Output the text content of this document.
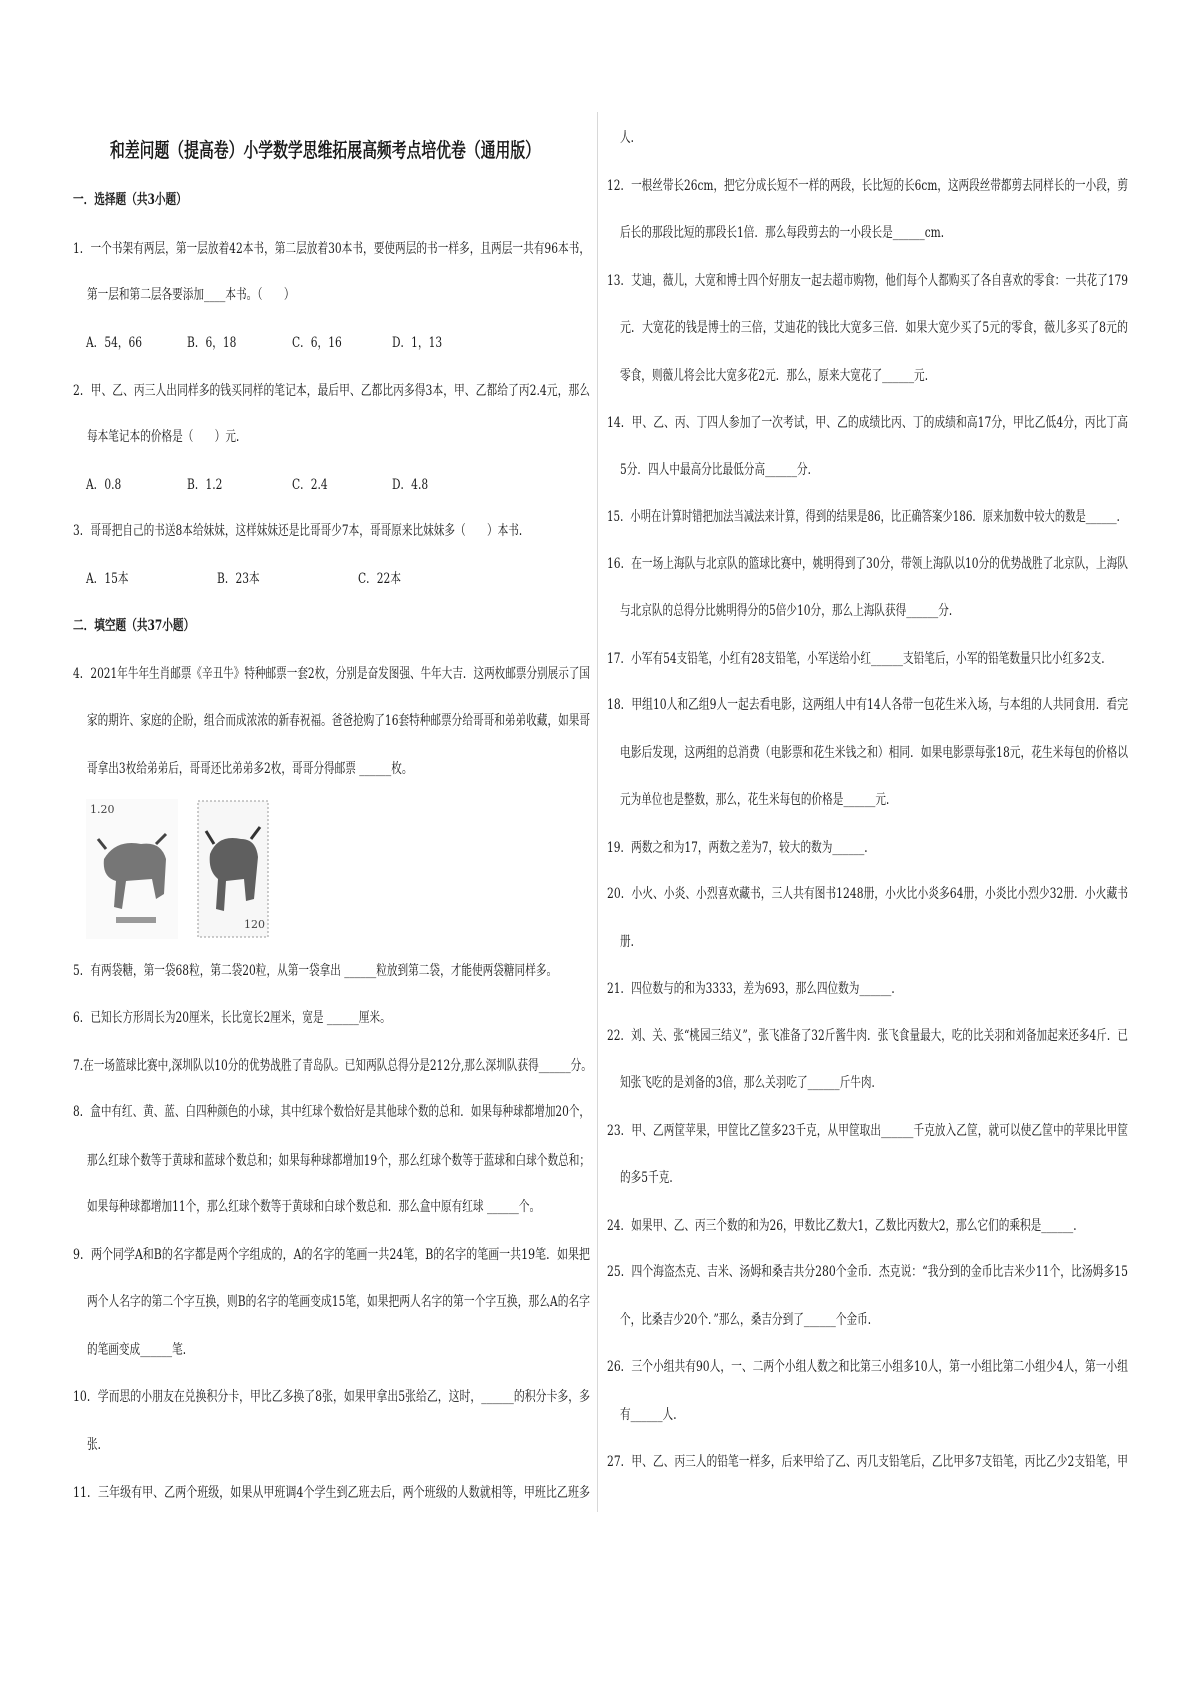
和差问题（提高卷）小学数学思维拓展高频考点培优卷（通用版）
1.20
120
一．选择题（共3小题）
1．一个书架有两层，第一层放着42本书，第二层放着30本书，要使两层的书一样多，且两层一共有96本书，
第一层和第二层各要添加____本书。（　　）
A．54，66	B．6，18	C．6，16	D．1，13
2．甲、乙、丙三人出同样多的钱买同样的笔记本，最后甲、乙都比丙多得3本，甲、乙都给了丙2.4元，那么
每本笔记本的价格是（　　）元．
A．0.8	B．1.2	C．2.4	D．4.8
3．哥哥把自己的书送8本给妹妹，这样妹妹还是比哥哥少7本，哥哥原来比妹妹多（　　）本书．
A．15本	B．23本	C．22本
二．填空题（共37小题）
4．2021年牛年生肖邮票《辛丑牛》特种邮票一套2枚，分别是奋发图强、牛年大吉．这两枚邮票分别展示了国
家的期许、家庭的企盼，组合而成浓浓的新春祝福。爸爸抢购了16套特种邮票分给哥哥和弟弟收藏，如果哥
哥拿出3枚给弟弟后，哥哥还比弟弟多2枚，哥哥分得邮票 ______枚。
5．有两袋糖，第一袋68粒，第二袋20粒，从第一袋拿出 ______粒放到第二袋，才能使两袋糖同样多。
6．已知长方形周长为20厘米，长比宽长2厘米，宽是 ______厘米。
7.在一场篮球比赛中,深圳队以10分的优势战胜了青岛队。已知两队总得分是212分,那么深圳队获得______分。
8．盒中有红、黄、蓝、白四种颜色的小球，其中红球个数恰好是其他球个数的总和．如果每种球都增加20个，
那么红球个数等于黄球和蓝球个数总和；如果每种球都增加19个，那么红球个数等于蓝球和白球个数总和；
如果每种球都增加11个，那么红球个数等于黄球和白球个数总和．那么盒中原有红球 ______个。
9．两个同学A和B的名字都是两个字组成的，A的名字的笔画一共24笔，B的名字的笔画一共19笔．如果把
两个人名字的第二个字互换，则B的名字的笔画变成15笔，如果把两人名字的第一个字互换，那么A的名字
的笔画变成______笔．
10．学而思的小朋友在兑换积分卡，甲比乙多换了8张，如果甲拿出5张给乙，这时，______的积分卡多，多
张．
11．三年级有甲、乙两个班级，如果从甲班调4个学生到乙班去后，两个班级的人数就相等，甲班比乙班多
人．
12．一根丝带长26cm，把它分成长短不一样的两段，长比短的长6cm，这两段丝带都剪去同样长的一小段，剪
后长的那段比短的那段长1倍．那么每段剪去的一小段长是______cm．
13．艾迪，薇儿，大宽和博士四个好朋友一起去超市购物，他们每个人都购买了各自喜欢的零食：一共花了179
元．大宽花的钱是博士的三倍，艾迪花的钱比大宽多三倍．如果大宽少买了5元的零食，薇儿多买了8元的
零食，则薇儿将会比大宽多花2元．那么，原来大宽花了______元．
14．甲、乙、丙、丁四人参加了一次考试，甲、乙的成绩比丙、丁的成绩和高17分，甲比乙低4分，丙比丁高
5分．四人中最高分比最低分高______分．
15．小明在计算时错把加法当减法来计算，得到的结果是86，比正确答案少186．原来加数中较大的数是______．
16．在一场上海队与北京队的篮球比赛中，姚明得到了30分，带领上海队以10分的优势战胜了北京队，上海队
与北京队的总得分比姚明得分的5倍少10分，那么上海队获得______分．
17．小军有54支铅笔，小红有28支铅笔，小军送给小红______支铅笔后，小军的铅笔数量只比小红多2支．
18．甲组10人和乙组9人一起去看电影，这两组人中有14人各带一包花生米入场，与本组的人共同食用．看完
电影后发现，这两组的总消费（电影票和花生米钱之和）相同．如果电影票每张18元，花生米每包的价格以
元为单位也是整数，那么，花生米每包的价格是______元．
19．两数之和为17，两数之差为7，较大的数为______．
20．小火、小炎、小烈喜欢藏书，三人共有图书1248册，小火比小炎多64册，小炎比小烈少32册．小火藏书
册．
21．四位数与的和为3333，差为693，那么四位数为______．
22．刘、关、张“桃园三结义”，张飞准备了32斤酱牛肉．张飞食量最大，吃的比关羽和刘备加起来还多4斤．已
知张飞吃的是刘备的3倍，那么关羽吃了______斤牛肉．
23．甲、乙两筐苹果，甲筐比乙筐多23千克，从甲筐取出______千克放入乙筐，就可以使乙筐中的苹果比甲筐
的多5千克．
24．如果甲、乙、丙三个数的和为26，甲数比乙数大1，乙数比丙数大2，那么它们的乘积是______．
25．四个海盗杰克、吉米、汤姆和桑吉共分280个金币．杰克说：“我分到的金币比吉米少11个，比汤姆多15
个，比桑吉少20个．”那么，桑吉分到了______个金币．
26．三个小组共有90人，一、二两个小组人数之和比第三小组多10人，第一小组比第二小组少4人，第一小组
有______人．
27．甲、乙、丙三人的铅笔一样多，后来甲给了乙、丙几支铅笔后，乙比甲多7支铅笔，丙比乙少2支铅笔，甲
